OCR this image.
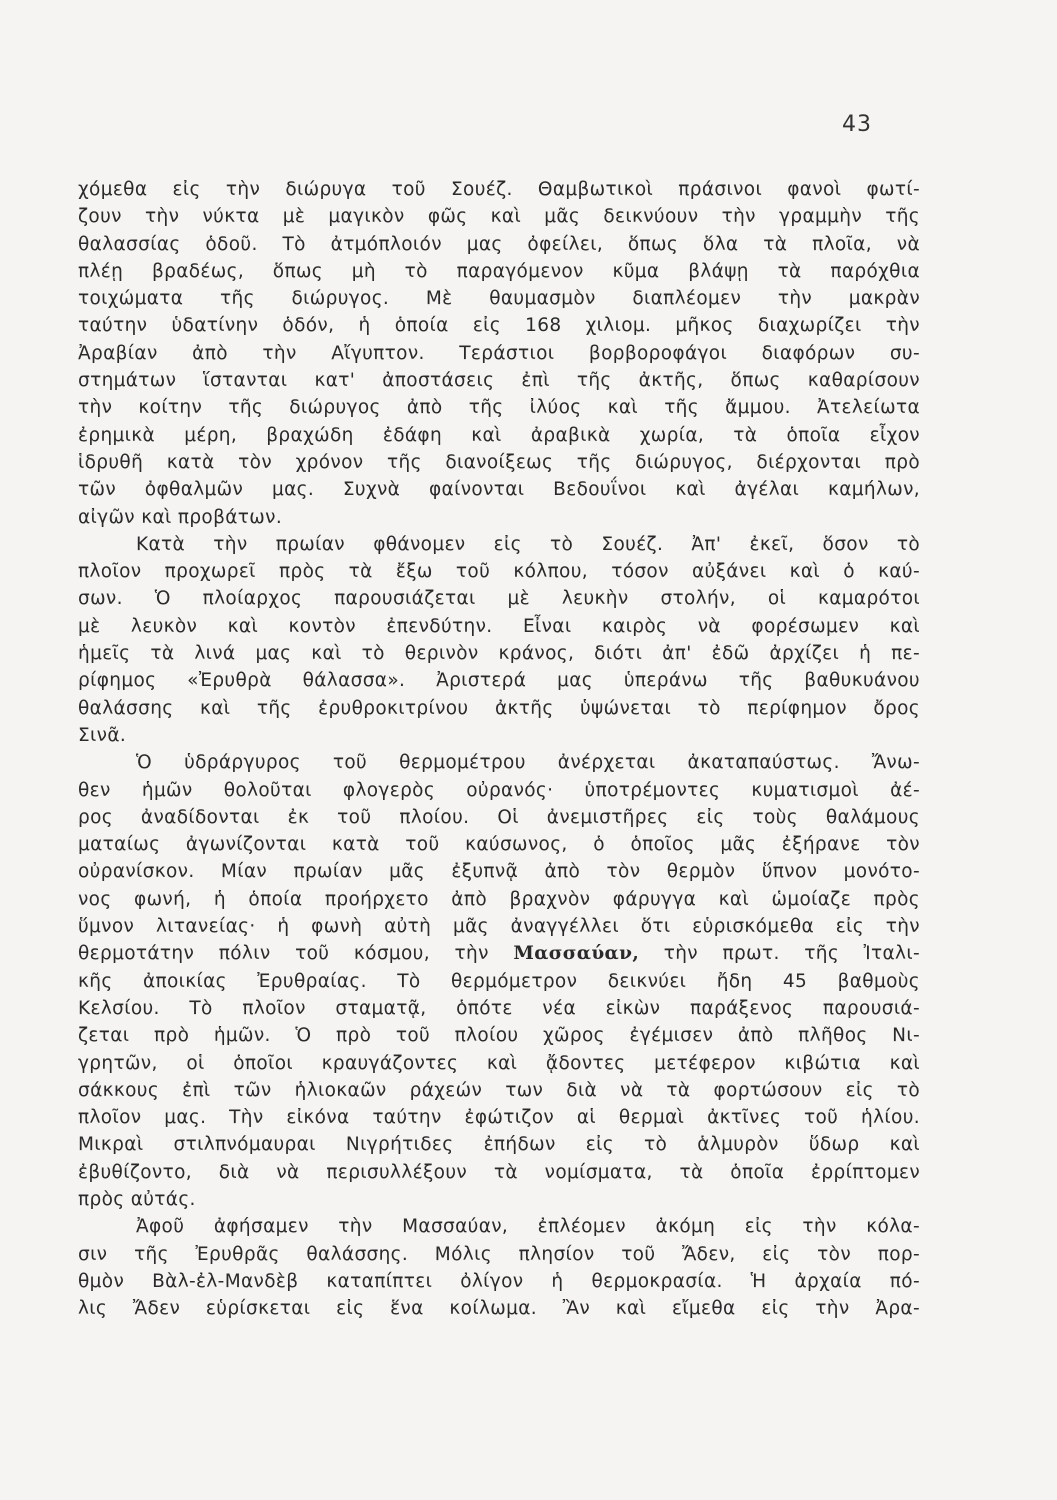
43
χόμεθα εἰς τὴν διώρυγα τοῦ Σουέζ. Θαμβωτικοὶ πράσινοι φανοὶ φωτί-
ζουν τὴν νύκτα μὲ μαγικὸν φῶς καὶ μᾶς δεικνύουν τὴν γραμμὴν τῆς
θαλασσίας ὁδοῦ. Τὸ ἀτμόπλοιόν μας ὀφείλει, ὅπως ὅλα τὰ πλοῖα, νὰ
πλέῃ βραδέως, ὅπως μὴ τὸ παραγόμενον κῦμα βλάψῃ τὰ παρόχθια
τοιχώματα τῆς διώρυγος. Μὲ θαυμασμὸν διαπλέομεν τὴν μακρὰν
ταύτην ὑδατίνην ὁδόν, ἡ ὁποία εἰς 168 χιλιομ. μῆκος διαχωρίζει τὴν
Ἀραβίαν ἀπὸ τὴν Αἴγυπτον. Τεράστιοι βορβοροφάγοι διαφόρων συ-
στημάτων ἵστανται κατ' ἀποστάσεις ἐπὶ τῆς ἀκτῆς, ὅπως καθαρίσουν
τὴν κοίτην τῆς διώρυγος ἀπὸ τῆς ἰλύος καὶ τῆς ἄμμου. Ἀτελείωτα
ἐρημικὰ μέρη, βραχώδη ἐδάφη καὶ ἀραβικὰ χωρία, τὰ ὁποῖα εἶχον
ἱδρυθῆ κατὰ τὸν χρόνον τῆς διανοίξεως τῆς διώρυγος, διέρχονται πρὸ
τῶν ὀφθαλμῶν μας. Συχνὰ φαίνονται Βεδουΐνοι καὶ ἀγέλαι καμήλων,
αἰγῶν καὶ προβάτων.
Κατὰ τὴν πρωίαν φθάνομεν εἰς τὸ Σουέζ. Ἀπ' ἐκεῖ, ὅσον τὸ
πλοῖον προχωρεῖ πρὸς τὰ ἔξω τοῦ κόλπου, τόσον αὐξάνει καὶ ὁ καύ-
σων. Ὁ πλοίαρχος παρουσιάζεται μὲ λευκὴν στολήν, οἱ καμαρότοι
μὲ λευκὸν καὶ κοντὸν ἐπενδύτην. Εἶναι καιρὸς νὰ φορέσωμεν καὶ
ἡμεῖς τὰ λινά μας καὶ τὸ θερινὸν κράνος, διότι ἀπ' ἐδῶ ἀρχίζει ἡ πε-
ρίφημος «Ἐρυθρὰ θάλασσα». Ἀριστερά μας ὑπεράνω τῆς βαθυκυάνου
θαλάσσης καὶ τῆς ἐρυθροκιτρίνου ἀκτῆς ὑψώνεται τὸ περίφημον ὄρος
Σινᾶ.
Ὁ ὑδράργυρος τοῦ θερμομέτρου ἀνέρχεται ἀκαταπαύστως. Ἄνω-
θεν ἡμῶν θολοῦται φλογερὸς οὐρανός· ὑποτρέμοντες κυματισμοὶ ἀέ-
ρος ἀναδίδονται ἐκ τοῦ πλοίου. Οἱ ἀνεμιστῆρες εἰς τοὺς θαλάμους
ματαίως ἀγωνίζονται κατὰ τοῦ καύσωνος, ὁ ὁποῖος μᾶς ἐξήρανε τὸν
οὐρανίσκον. Μίαν πρωίαν μᾶς ἐξυπνᾷ ἀπὸ τὸν θερμὸν ὕπνον μονότο-
νος φωνή, ἡ ὁποία προήρχετο ἀπὸ βραχνὸν φάρυγγα καὶ ὡμοίαζε πρὸς
ὕμνον λιτανείας· ἡ φωνὴ αὐτὴ μᾶς ἀναγγέλλει ὅτι εὑρισκόμεθα εἰς τὴν
θερμοτάτην πόλιν τοῦ κόσμου, τὴν Μασσαύαν, τὴν πρωτ. τῆς Ἰταλι-
κῆς ἀποικίας Ἐρυθραίας. Τὸ θερμόμετρον δεικνύει ἤδη 45 βαθμοὺς
Κελσίου. Τὸ πλοῖον σταματᾷ, ὁπότε νέα εἰκὼν παράξενος παρουσιά-
ζεται πρὸ ἡμῶν. Ὁ πρὸ τοῦ πλοίου χῶρος ἐγέμισεν ἀπὸ πλῆθος Νι-
γρητῶν, οἱ ὁποῖοι κραυγάζοντες καὶ ᾄδοντες μετέφερον κιβώτια καὶ
σάκκους ἐπὶ τῶν ἡλιοκαῶν ράχεών των διὰ νὰ τὰ φορτώσουν εἰς τὸ
πλοῖον μας. Τὴν εἰκόνα ταύτην ἐφώτιζον αἱ θερμαὶ ἀκτῖνες τοῦ ἡλίου.
Μικραὶ στιλπνόμαυραι Νιγρήτιδες ἐπήδων εἰς τὸ ἁλμυρὸν ὕδωρ καὶ
ἐβυθίζοντο, διὰ νὰ περισυλλέξουν τὰ νομίσματα, τὰ ὁποῖα ἐρρίπτομεν
πρὸς αὐτάς.
Ἀφοῦ ἀφήσαμεν τὴν Μασσαύαν, ἐπλέομεν ἀκόμη εἰς τὴν κόλα-
σιν τῆς Ἐρυθρᾶς θαλάσσης. Μόλις πλησίον τοῦ Ἄδεν, εἰς τὸν πορ-
θμὸν Βὰλ-ἐλ-Μανδὲβ καταπίπτει ὀλίγον ἡ θερμοκρασία. Ἡ ἀρχαία πό-
λις Ἄδεν εὑρίσκεται εἰς ἕνα κοίλωμα. Ἂν καὶ εἴμεθα εἰς τὴν Ἀρα-
